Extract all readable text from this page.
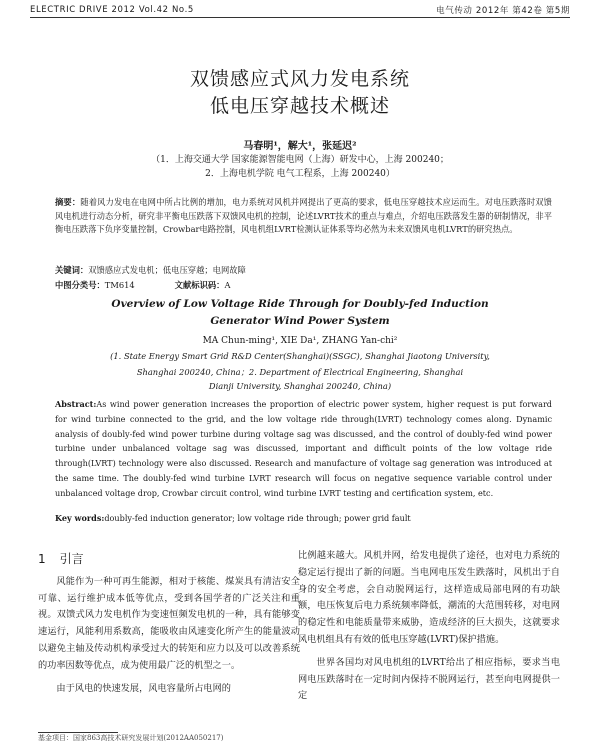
ELECTRIC DRIVE 2012 Vol.42 No.5	电气传动 2012年 第42卷 第5期
双馈感应式风力发电系统
低电压穿越技术概述
马春明¹，解大¹，张延迟²
（1．上海交通大学 国家能源智能电网（上海）研发中心，上海 200240；
2．上海电机学院 电气工程系，上海 200240）
摘要：随着风力发电在电网中所占比例的增加，电力系统对风机并网提出了更高的要求，低电压穿越技术应运而生。对电压跌落时双馈风电机进行动态分析，研究非平衡电压跌落下双馈风电机的控制，论述LVRT技术的重点与难点，介绍电压跌落发生器的研制情况，非平衡电压跌落下负序变量控制，Crowbar电路控制，风电机组LVRT检测认证体系等均必然为未来双馈风电机LVRT的研究热点。
关键词：双馈感应式发电机；低电压穿越；电网故障
中图分类号：TM614	文献标识码：A
Overview of Low Voltage Ride Through for Doubly-fed Induction
Generator Wind Power System
MA Chun-ming¹, XIE Da¹, ZHANG Yan-chi²
(1. State Energy Smart Grid R&D Center(Shanghai)(SSGC), Shanghai Jiaotong University,
Shanghai 200240, China；2. Department of Electrical Engineering, Shanghai
Dianji University, Shanghai 200240, China)
Abstract:As wind power generation increases the proportion of electric power system, higher request is put forward for wind turbine connected to the grid, and the low voltage ride through(LVRT) technology comes along. Dynamic analysis of doubly-fed wind power turbine during voltage sag was discussed, and the control of doubly-fed wind power turbine under unbalanced voltage sag was discussed, important and difficult points of the low voltage ride through(LVRT) technology were also discussed. Research and manufacture of voltage sag generation was introduced at the same time. The doubly-fed wind turbine LVRT research will focus on negative sequence variable control under unbalanced voltage drop, Crowbar circuit control, wind turbine LVRT testing and certification system, etc.
Key words:doubly-fed induction generator; low voltage ride through; power grid fault
1 引言

风能作为一种可再生能源，相对于核能、煤炭具有清洁安全可靠、运行维护成本低等优点，受到各国学者的广泛关注和重视。双馈式风力发电机作为变速恒频发电机的一种，具有能够变速运行，风能利用系数高，能吸收由风速变化所产生的能量波动以避免主轴及传动机构承受过大的转矩和应力以及可以改善系统的功率因数等优点，成为使用最广泛的机型之一。

由于风电的快速发展，风电容量所占电网的

比例越来越大。风机并网，给发电提供了途径，也对电力系统的稳定运行提出了新的问题。当电网电压发生跌落时，风机出于自身的安全考虑，会自动脱网运行，这样造成局部电网的有功缺额，电压恢复后电力系统频率降低，潮流的大范围转移，对电网的稳定性和电能质量带来威胁，造成经济的巨大损失，这就要求风电机组具有有效的低电压穿越(LVRT)保护措施。

世界各国均对风电机组的LVRT给出了相应指标，要求当电网电压跌落时在一定时间内保持不脱网运行，甚至向电网提供一定

基金项目：国家863高技术研究发展计划(2012AA050217)
